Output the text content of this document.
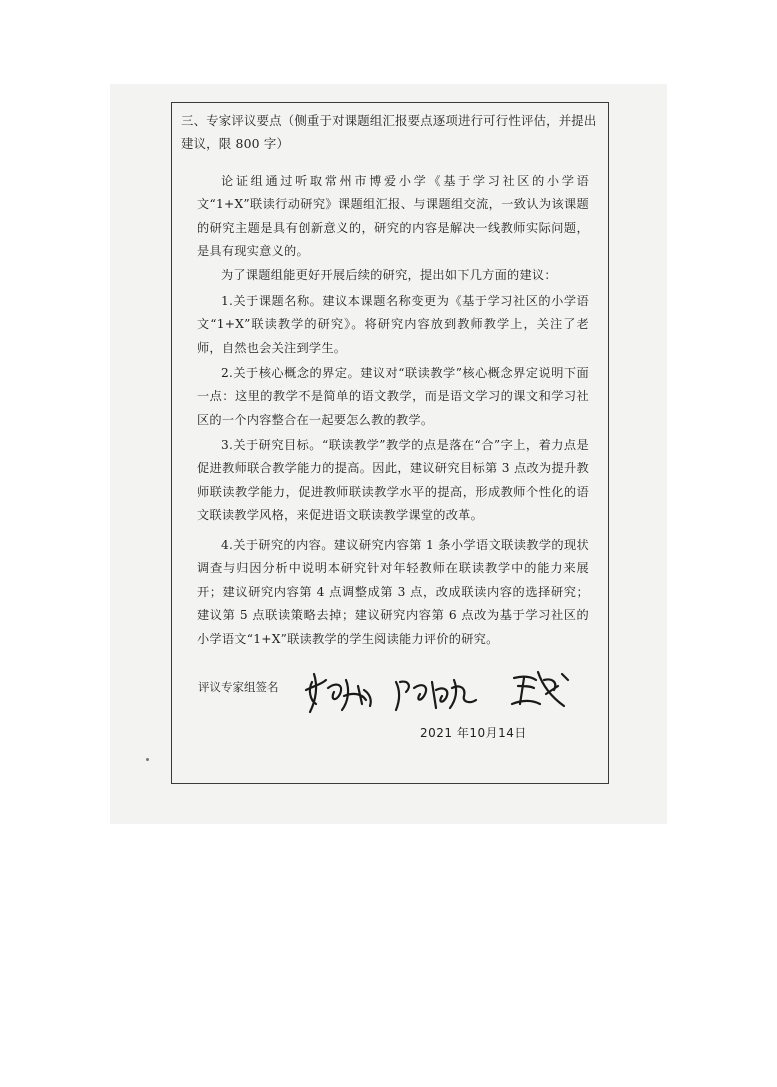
三、专家评议要点（侧重于对课题组汇报要点逐项进行可行性评估，并提出建议，限 800 字）
论证组通过听取常州市博爱小学《基于学习社区的小学语文“1+X”联读行动研究》课题组汇报、与课题组交流，一致认为该课题的研究主题是具有创新意义的，研究的内容是解决一线教师实际问题，是具有现实意义的。
为了课题组能更好开展后续的研究，提出如下几方面的建议：
1.关于课题名称。建议本课题名称变更为《基于学习社区的小学语文“1+X”联读教学的研究》。将研究内容放到教师教学上，关注了老师，自然也会关注到学生。
2.关于核心概念的界定。建议对“联读教学”核心概念界定说明下面一点：这里的教学不是简单的语文教学，而是语文学习的课文和学习社区的一个内容整合在一起要怎么教的教学。
3.关于研究目标。“联读教学”教学的点是落在“合”字上，着力点是促进教师联合教学能力的提高。因此，建议研究目标第 3 点改为提升教师联读教学能力，促进教师联读教学水平的提高，形成教师个性化的语文联读教学风格，来促进语文联读教学课堂的改革。
4.关于研究的内容。建议研究内容第 1 条小学语文联读教学的现状调查与归因分析中说明本研究针对年轻教师在联读教学中的能力来展开；建议研究内容第 4 点调整成第 3 点，改成联读内容的选择研究；建议第 5 点联读策略去掉；建议研究内容第 6 点改为基于学习社区的小学语文“1+X”联读教学的学生阅读能力评价的研究。
评议专家组签名
2021 年10月14日
